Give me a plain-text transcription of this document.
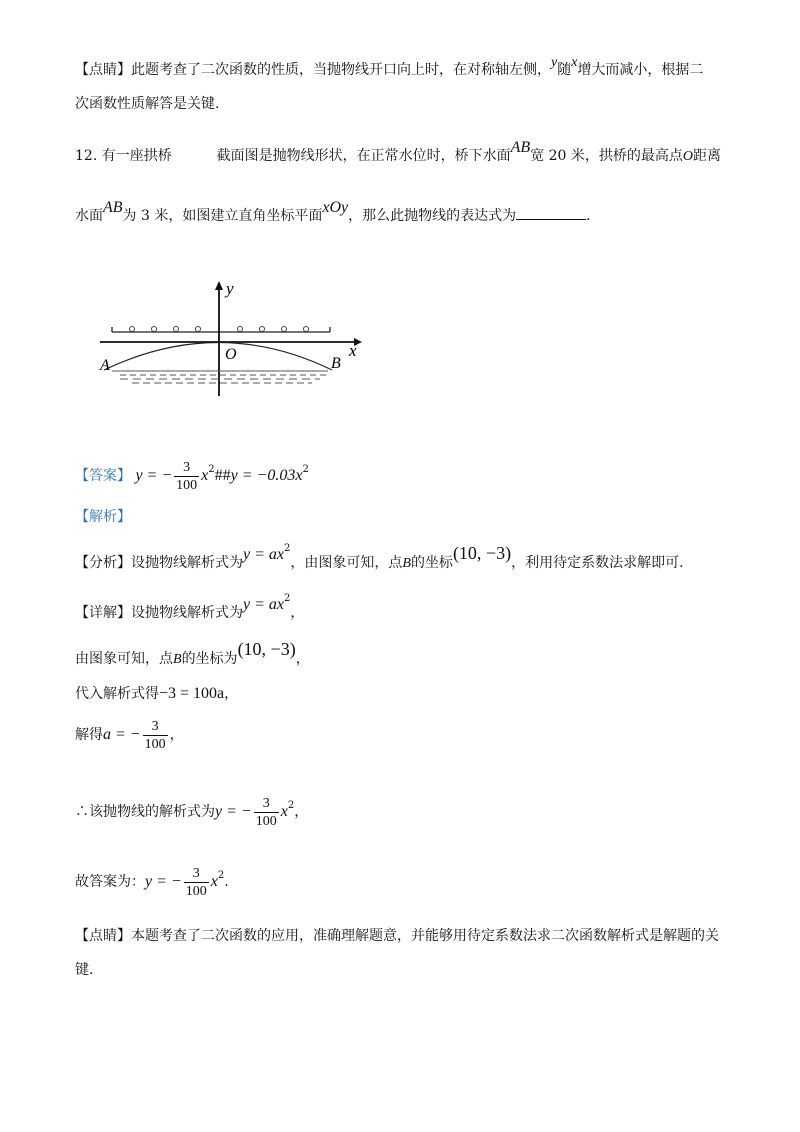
【点睛】此题考查了二次函数的性质，当抛物线开口向上时，在对称轴左侧，y随x增大而减小，根据二
次函数性质解答是关键.
12. 有一座拱桥	截面图是抛物线形状，在正常水位时，桥下水面AB宽 20 米，拱桥的最高点O距离
水面AB为 3 米，如图建立直角坐标平面xOy，那么此抛物线的表达式为	.
y
x
O
A	B
【答案】 y = − $\frac{3}{100}$ $x^2\#\#y = -0.03x^2$
【解析】
【分析】设抛物线解析式为$y = ax^2$，由图象可知，点B的坐标(10, −3)，利用待定系数法求解即可.
【详解】设抛物线解析式为$y = ax^2$，
由图象可知，点B的坐标为(10, −3)，
代入解析式得−3 = 100a，
解得a = − $\frac{3}{100}$ ，
∴该抛物线的解析式为y = − $\frac{3}{100} x^2$，
故答案为：y = − $\frac{3}{100} x^2$.
【点睛】本题考查了二次函数的应用，准确理解题意，并能够用待定系数法求二次函数解析式是解题的关
键.
